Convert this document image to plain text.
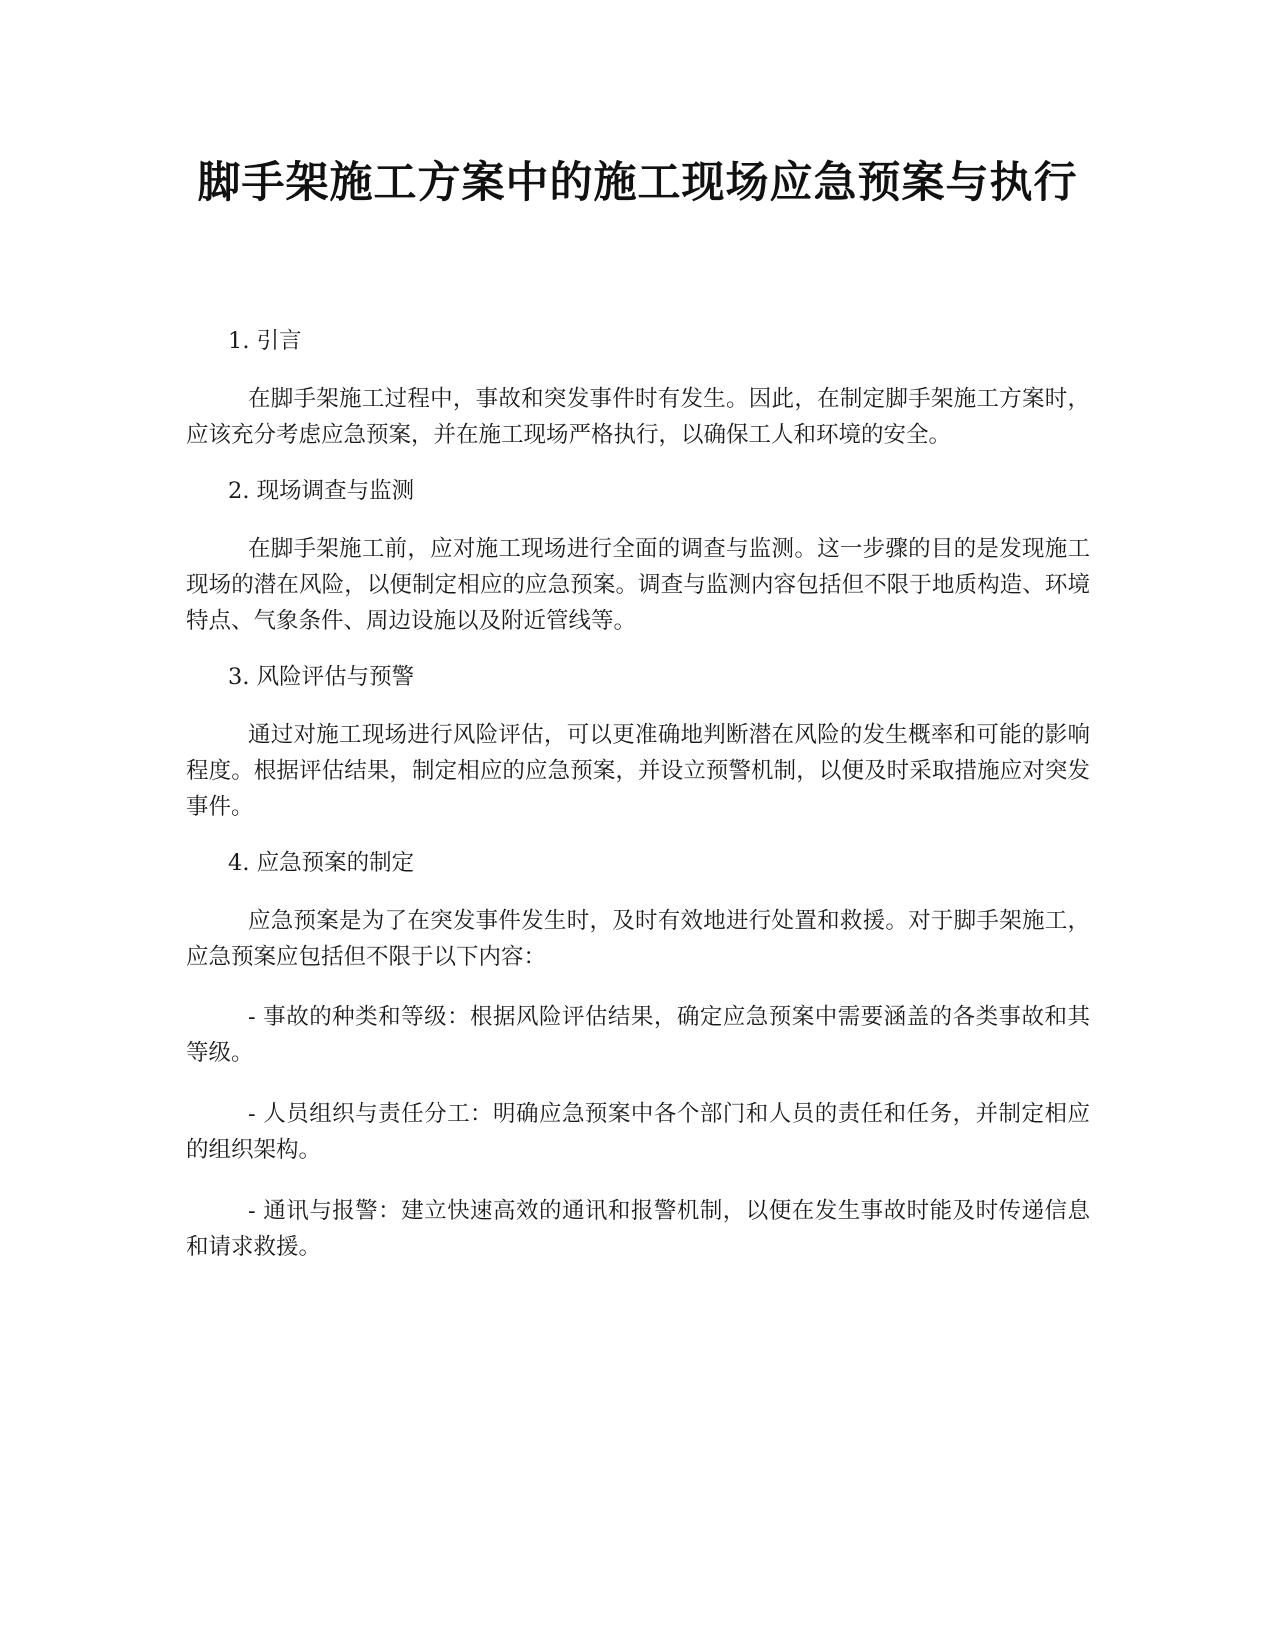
脚手架施工方案中的施工现场应急预案与执行

1. 引言

在脚手架施工过程中，事故和突发事件时有发生。因此，在制定脚手架施工方案时，应该充分考虑应急预案，并在施工现场严格执行，以确保工人和环境的安全。

2. 现场调查与监测

在脚手架施工前，应对施工现场进行全面的调查与监测。这一步骤的目的是发现施工现场的潜在风险，以便制定相应的应急预案。调查与监测内容包括但不限于地质构造、环境特点、气象条件、周边设施以及附近管线等。

3. 风险评估与预警

通过对施工现场进行风险评估，可以更准确地判断潜在风险的发生概率和可能的影响程度。根据评估结果，制定相应的应急预案，并设立预警机制，以便及时采取措施应对突发事件。

4. 应急预案的制定

应急预案是为了在突发事件发生时，及时有效地进行处置和救援。对于脚手架施工，应急预案应包括但不限于以下内容：

- 事故的种类和等级：根据风险评估结果，确定应急预案中需要涵盖的各类事故和其等级。

- 人员组织与责任分工：明确应急预案中各个部门和人员的责任和任务，并制定相应的组织架构。

- 通讯与报警：建立快速高效的通讯和报警机制，以便在发生事故时能及时传递信息和请求救援。
